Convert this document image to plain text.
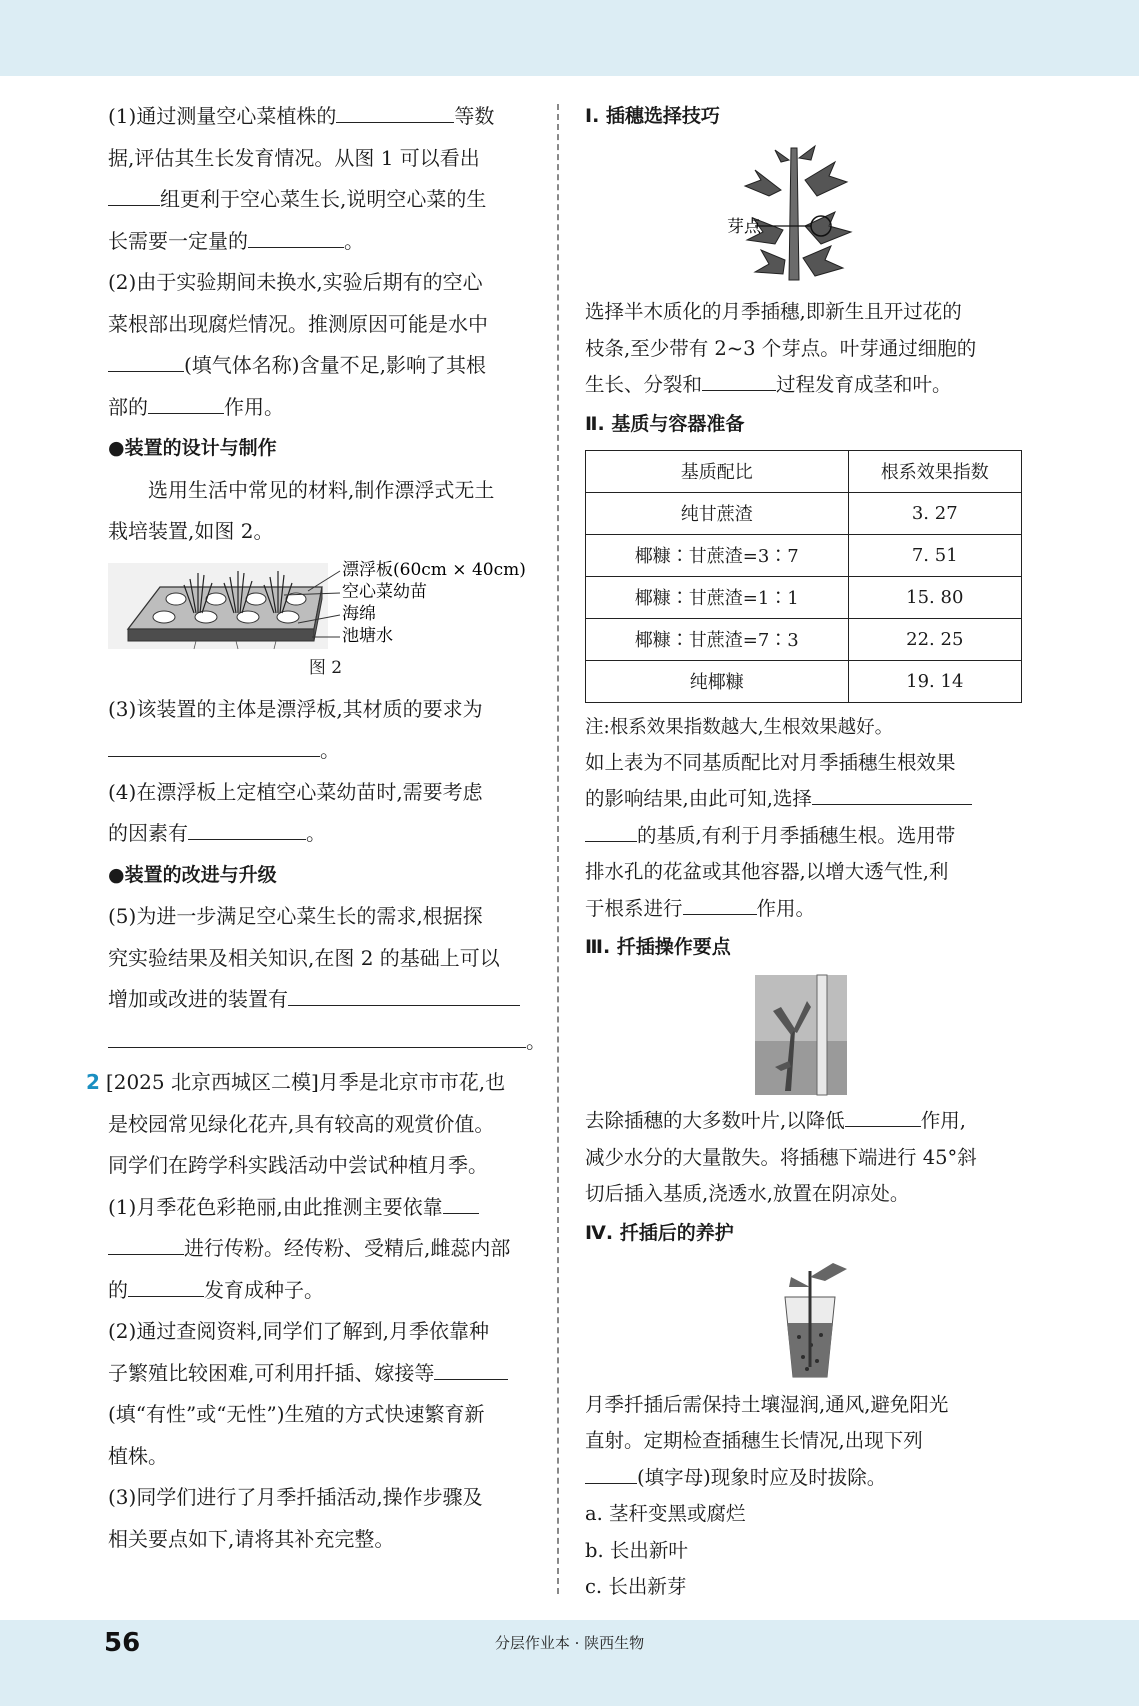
(1)通过测量空心菜植株的	等数

据,评估其生长发育情况。从图 1 可以看出

组更利于空心菜生长,说明空心菜的生

长需要一定量的	。

(2)由于实验期间未换水,实验后期有的空心

菜根部出现腐烂情况。推测原因可能是水中

(填气体名称)含量不足,影响了其根

部的	作用。

●装置的设计与制作

选用生活中常见的材料,制作漂浮式无土

栽培装置,如图 2。

漂浮板(60cm × 40cm)
空心菜幼苗
海绵
池塘水

图 2

(3)该装置的主体是漂浮板,其材质的要求为

。

(4)在漂浮板上定植空心菜幼苗时,需要考虑

的因素有	。

●装置的改进与升级

(5)为进一步满足空心菜生长的需求,根据探

究实验结果及相关知识,在图 2 的基础上可以

增加或改进的装置有

。

2 [2025 北京西城区二模]月季是北京市市花,也

是校园常见绿化花卉,具有较高的观赏价值。

同学们在跨学科实践活动中尝试种植月季。

(1)月季花色彩艳丽,由此推测主要依靠

进行传粉。经传粉、受精后,雌蕊内部

的	发育成种子。

(2)通过查阅资料,同学们了解到,月季依靠种

子繁殖比较困难,可利用扦插、嫁接等

(填“有性”或“无性”)生殖的方式快速繁育新

植株。

(3)同学们进行了月季扦插活动,操作步骤及

相关要点如下,请将其补充完整。

Ⅰ. 插穗选择技巧

芽点

选择半木质化的月季插穗,即新生且开过花的

枝条,至少带有 2~3 个芽点。叶芽通过细胞的

生长、分裂和	过程发育成茎和叶。

Ⅱ. 基质与容器准备

基质配比	根系效果指数
纯甘蔗渣	3. 27
椰糠∶甘蔗渣=3∶7	7. 51
椰糠∶甘蔗渣=1∶1	15. 80
椰糠∶甘蔗渣=7∶3	22. 25
纯椰糠	19. 14

注:根系效果指数越大,生根效果越好。

如上表为不同基质配比对月季插穗生根效果

的影响结果,由此可知,选择

的基质,有利于月季插穗生根。选用带

排水孔的花盆或其他容器,以增大透气性,利

于根系进行	作用。

Ⅲ. 扦插操作要点

去除插穗的大多数叶片,以降低	作用,

减少水分的大量散失。将插穗下端进行 45°斜

切后插入基质,浇透水,放置在阴凉处。

Ⅳ. 扦插后的养护

月季扦插后需保持土壤湿润,通风,避免阳光

直射。定期检查插穗生长情况,出现下列

(填字母)现象时应及时拔除。

a. 茎秆变黑或腐烂

b. 长出新叶

c. 长出新芽

56	分层作业本 · 陕西生物
